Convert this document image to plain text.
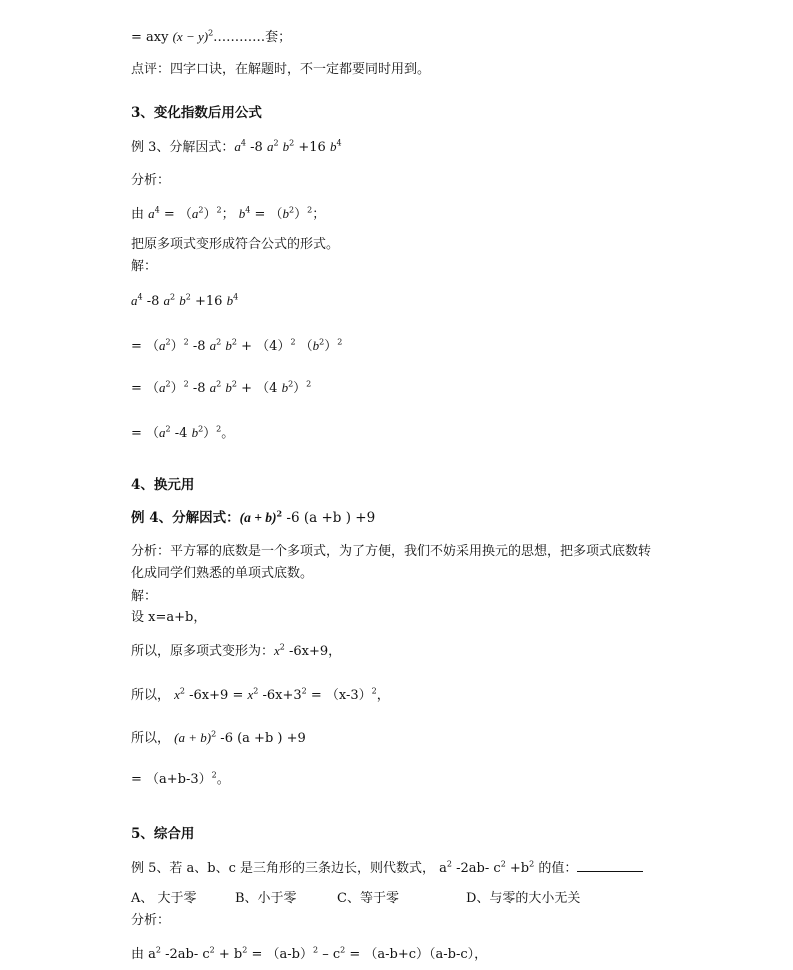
= axy $(x - y)^2\dots\dots\dots\dots$套；
点评：四字口诀，在解题时，不一定都要同时用到。
3、变化指数后用公式
例 3、分解因式：$a^4$ -8 $a^2$ $b^2 +16$ $b^4$
分析：
由 $a^4 = (a^2)^2$； $b^4 = (b^2)^2$；
把原多项式变形成符合公式的形式。
解：
$a^4$ -8 $a^2$ $b^2 +16$ $b^4$
= $(a^2)^2$ -8 $a^2$ $b^2 + (4)^2$ $(b^2)^2$
= $(a^2)^2$ -8 $a^2$ $b^2 + (4$ $b^2)^2$
= （$a^2$ -4 $b^2)^2$。
4、换元用
例 4、分解因式：$(a + b)^2$ -6 (a +b ) +9
分析：平方幂的底数是一个多项式，为了方便，我们不妨采用换元的思想，把多项式底数转
化成同学们熟悉的单项式底数。
解：
设 x=a+b，
所以，原多项式变形为：$x^2$ -6x+9，
所以， $x^2$ $-6x+9 = x^2$ $-6x+3^2 = (x-3)^2$，
所以， $(a + b)^2$ -6 (a +b ) +9
= $(a+b-3)^2$。
5、综合用
例 5、若 a、b、c 是三角形的三条边长，则代数式， $a^2$ -2ab- $c^2 +b^2$ 的值：
A、 大于零	B、小于零	C、等于零	D、与零的大小无关
分析：
由 $a^2$ -2ab- $c^2 + b^2 = (a-b)^2 - c^2 = (a-b+c)(a-b-c)$，
